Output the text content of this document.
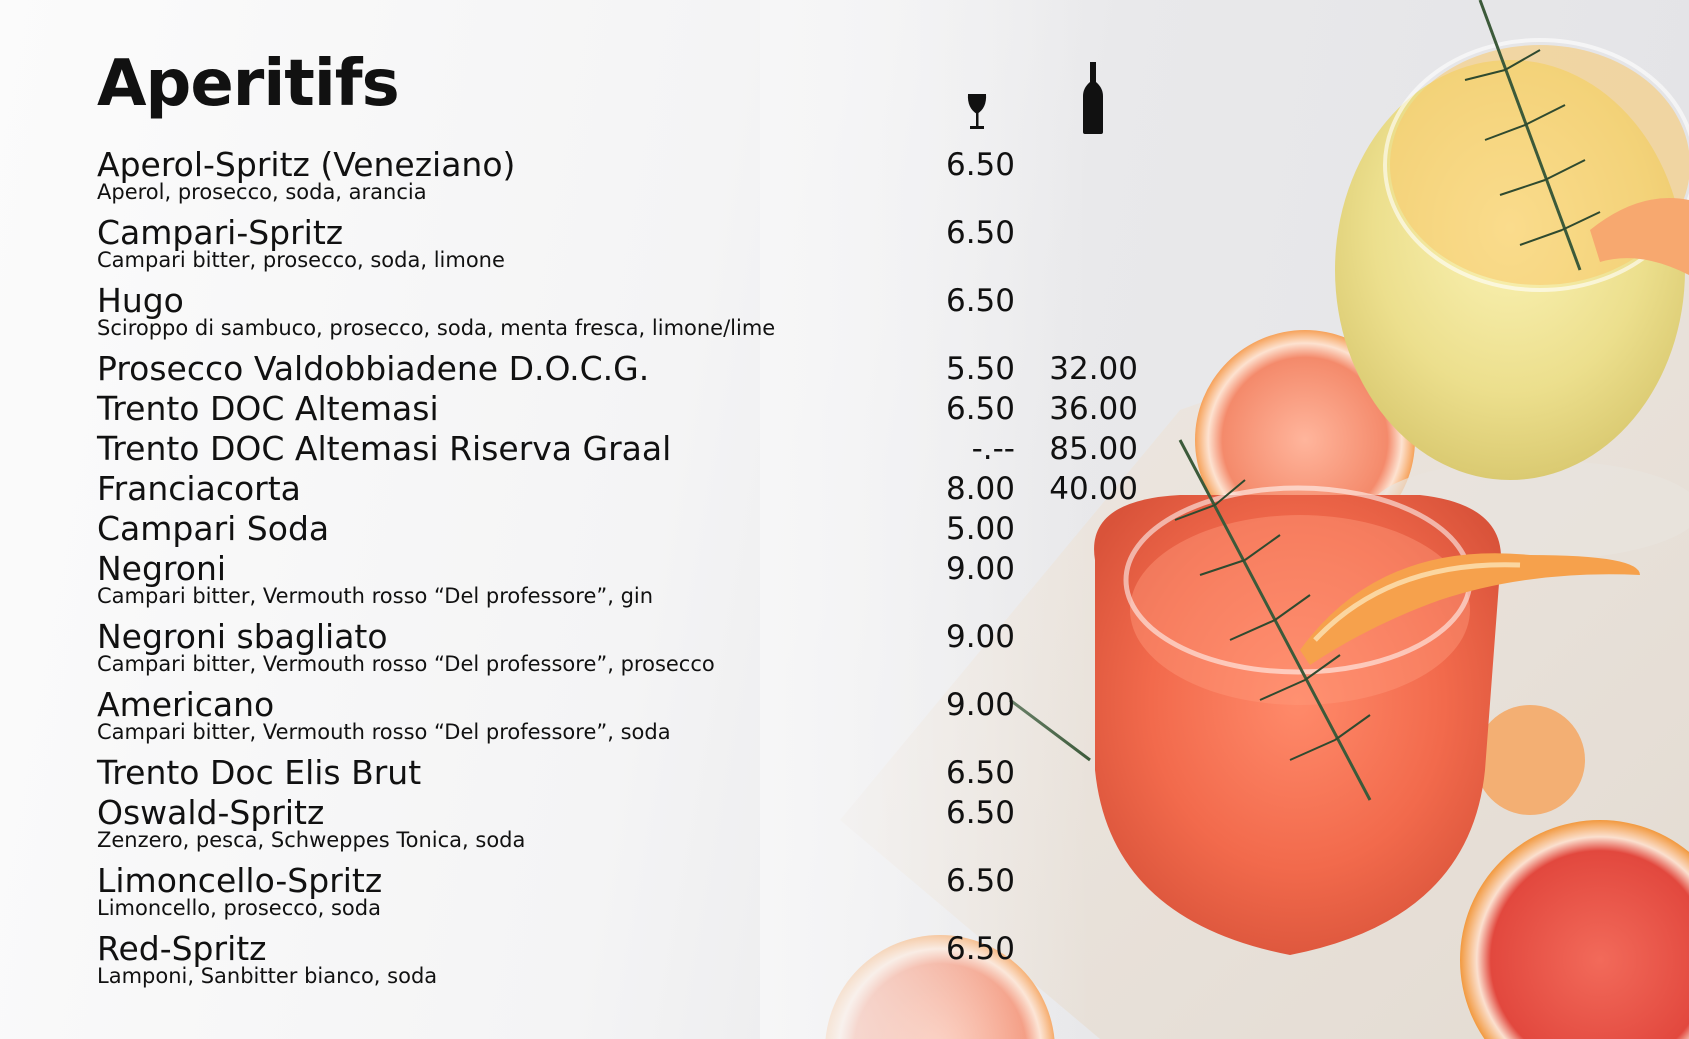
Aperitifs
Aperol-Spritz (Veneziano)	6.50
Aperol, prosecco, soda, arancia
Campari-Spritz	6.50
Campari bitter, prosecco, soda, limone
Hugo	6.50
Sciroppo di sambuco, prosecco, soda, menta fresca, limone/lime
Prosecco Valdobbiadene D.O.C.G.	5.50	32.00
Trento DOC Altemasi	6.50	36.00
Trento DOC Altemasi Riserva Graal	-.--	85.00
Franciacorta	8.00	40.00
Campari Soda	5.00
Negroni	9.00
Campari bitter, Vermouth rosso “Del professore”, gin
Negroni sbagliato	9.00
Campari bitter, Vermouth rosso “Del professore”, prosecco
Americano	9.00
Campari bitter, Vermouth rosso “Del professore”, soda
Trento Doc Elis Brut	6.50
Oswald-Spritz	6.50
Zenzero, pesca, Schweppes Tonica, soda
Limoncello-Spritz	6.50
Limoncello, prosecco, soda
Red-Spritz	6.50
Lamponi, Sanbitter bianco, soda
